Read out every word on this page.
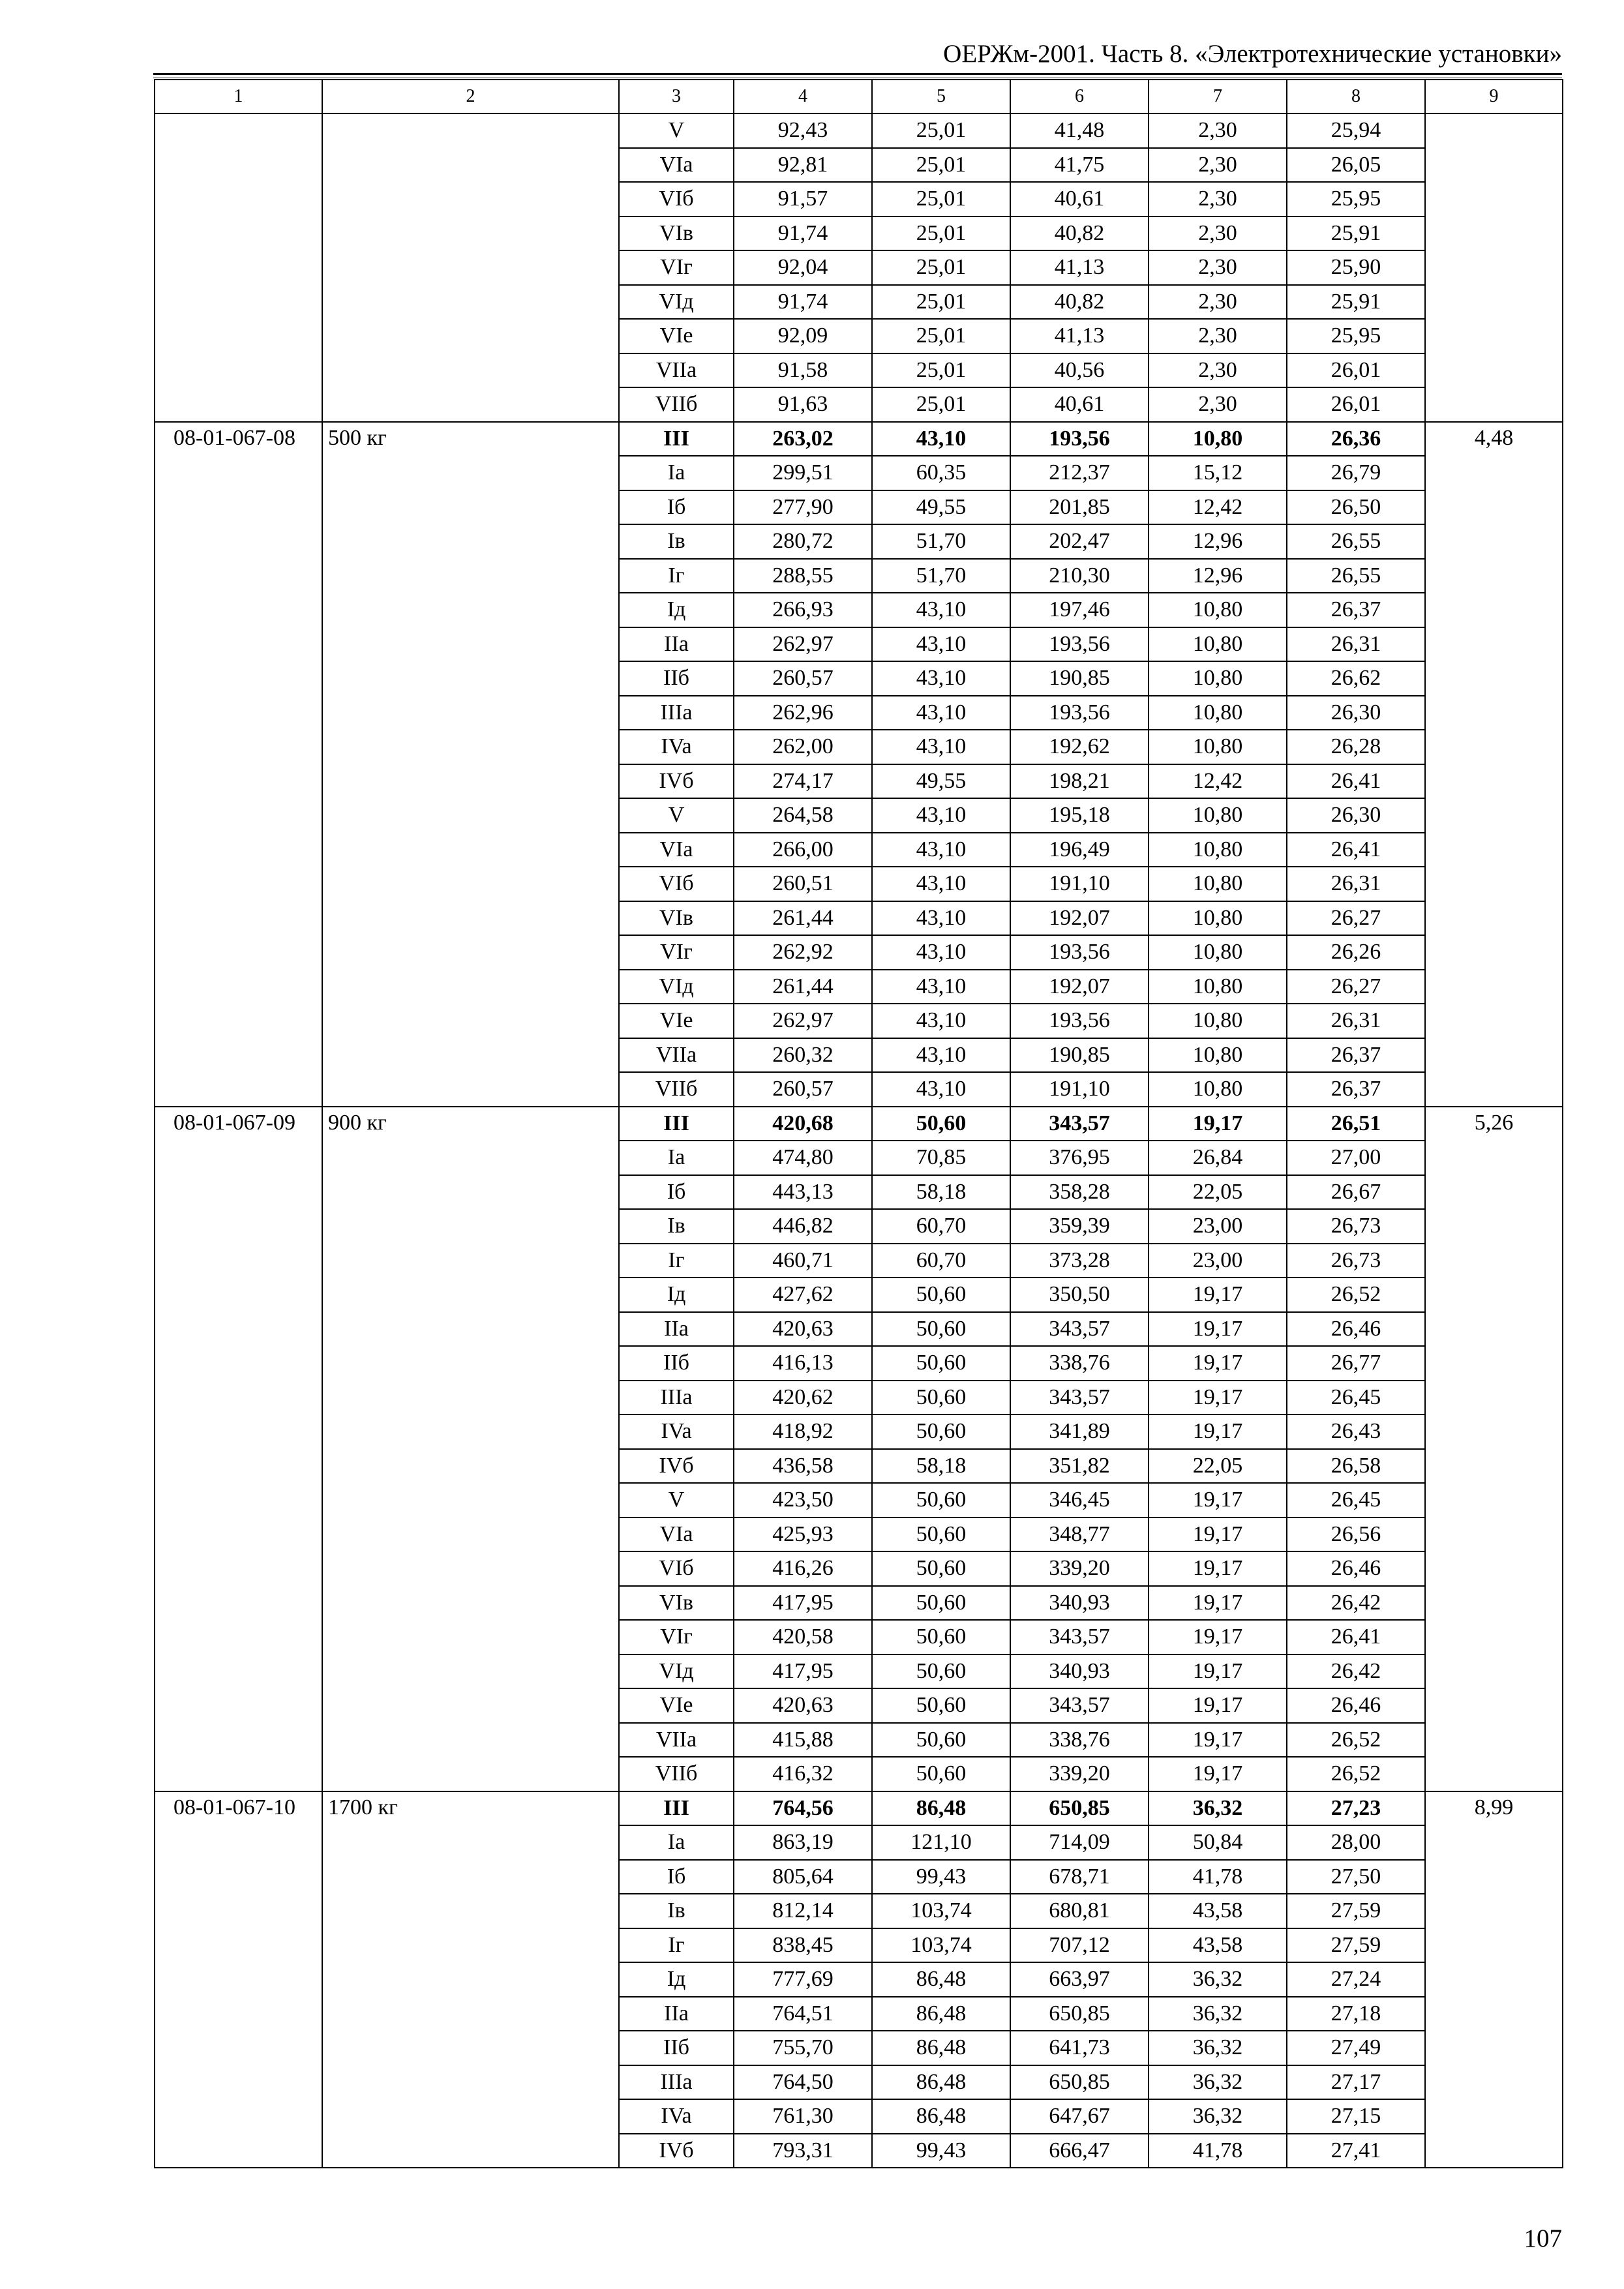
ОЕРЖм-2001. Часть 8. «Электротехнические установки»
1	2	3	4	5	6	7	8	9
		V	92,43	25,01	41,48	2,30	25,94	
		VIa	92,81	25,01	41,75	2,30	26,05	
		VIб	91,57	25,01	40,61	2,30	25,95	
		VIв	91,74	25,01	40,82	2,30	25,91	
		VIг	92,04	25,01	41,13	2,30	25,90	
		VIд	91,74	25,01	40,82	2,30	25,91	
		VIe	92,09	25,01	41,13	2,30	25,95	
		VIIa	91,58	25,01	40,56	2,30	26,01	
		VIIб	91,63	25,01	40,61	2,30	26,01	
08-01-067-08	500 кг	III	263,02	43,10	193,56	10,80	26,36	4,48
		Ia	299,51	60,35	212,37	15,12	26,79	
		Iб	277,90	49,55	201,85	12,42	26,50	
		Iв	280,72	51,70	202,47	12,96	26,55	
		Iг	288,55	51,70	210,30	12,96	26,55	
		Iд	266,93	43,10	197,46	10,80	26,37	
		IIa	262,97	43,10	193,56	10,80	26,31	
		IIб	260,57	43,10	190,85	10,80	26,62	
		IIIa	262,96	43,10	193,56	10,80	26,30	
		IVa	262,00	43,10	192,62	10,80	26,28	
		IVб	274,17	49,55	198,21	12,42	26,41	
		V	264,58	43,10	195,18	10,80	26,30	
		VIa	266,00	43,10	196,49	10,80	26,41	
		VIб	260,51	43,10	191,10	10,80	26,31	
		VIв	261,44	43,10	192,07	10,80	26,27	
		VIг	262,92	43,10	193,56	10,80	26,26	
		VIд	261,44	43,10	192,07	10,80	26,27	
		VIe	262,97	43,10	193,56	10,80	26,31	
		VIIa	260,32	43,10	190,85	10,80	26,37	
		VIIб	260,57	43,10	191,10	10,80	26,37	
08-01-067-09	900 кг	III	420,68	50,60	343,57	19,17	26,51	5,26
		Ia	474,80	70,85	376,95	26,84	27,00	
		Iб	443,13	58,18	358,28	22,05	26,67	
		Iв	446,82	60,70	359,39	23,00	26,73	
		Iг	460,71	60,70	373,28	23,00	26,73	
		Iд	427,62	50,60	350,50	19,17	26,52	
		IIa	420,63	50,60	343,57	19,17	26,46	
		IIб	416,13	50,60	338,76	19,17	26,77	
		IIIa	420,62	50,60	343,57	19,17	26,45	
		IVa	418,92	50,60	341,89	19,17	26,43	
		IVб	436,58	58,18	351,82	22,05	26,58	
		V	423,50	50,60	346,45	19,17	26,45	
		VIa	425,93	50,60	348,77	19,17	26,56	
		VIб	416,26	50,60	339,20	19,17	26,46	
		VIв	417,95	50,60	340,93	19,17	26,42	
		VIг	420,58	50,60	343,57	19,17	26,41	
		VIд	417,95	50,60	340,93	19,17	26,42	
		VIe	420,63	50,60	343,57	19,17	26,46	
		VIIa	415,88	50,60	338,76	19,17	26,52	
		VIIб	416,32	50,60	339,20	19,17	26,52	
08-01-067-10	1700 кг	III	764,56	86,48	650,85	36,32	27,23	8,99
		Ia	863,19	121,10	714,09	50,84	28,00	
		Iб	805,64	99,43	678,71	41,78	27,50	
		Iв	812,14	103,74	680,81	43,58	27,59	
		Iг	838,45	103,74	707,12	43,58	27,59	
		Iд	777,69	86,48	663,97	36,32	27,24	
		IIa	764,51	86,48	650,85	36,32	27,18	
		IIб	755,70	86,48	641,73	36,32	27,49	
		IIIa	764,50	86,48	650,85	36,32	27,17	
		IVa	761,30	86,48	647,67	36,32	27,15	
		IVб	793,31	99,43	666,47	41,78	27,41	
107
